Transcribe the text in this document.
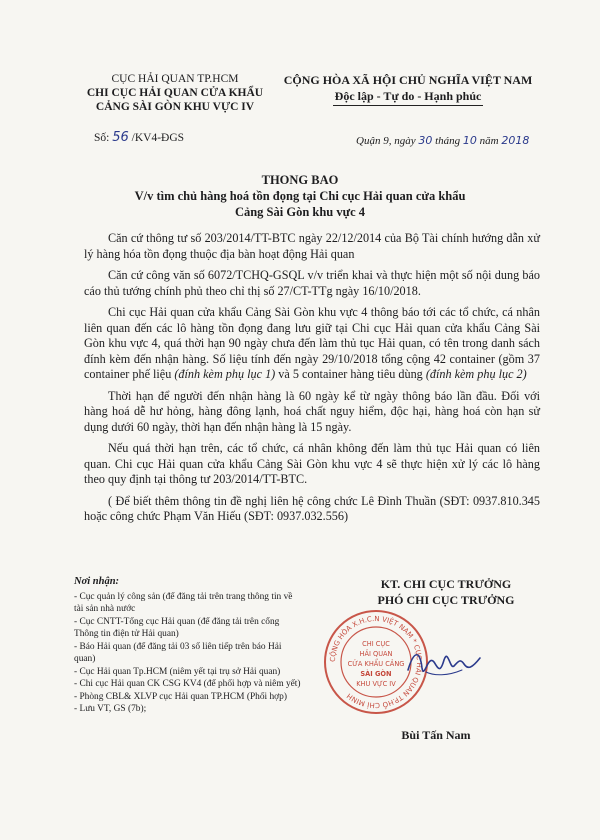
CỤC HẢI QUAN TP.HCM
CHI CỤC HẢI QUAN CỬA KHẨU
CẢNG SÀI GÒN KHU VỰC IV
CỘNG HÒA XÃ HỘI CHỦ NGHĨA VIỆT NAM
Độc lập - Tự do - Hạnh phúc
Số: 56 /KV4-ĐGS	Quận 9, ngày 30 tháng 10 năm 2018
THONG BAO
V/v tìm chủ hàng hoá tồn đọng tại Chi cục Hải quan cửa khẩu
Cảng Sài Gòn khu vực 4

Căn cứ thông tư số 203/2014/TT-BTC ngày 22/12/2014 của Bộ Tài chính hướng dẫn xử lý hàng hóa tồn đọng thuộc địa bàn hoạt động Hải quan

Căn cứ công văn số 6072/TCHQ-GSQL v/v triển khai và thực hiện một số nội dung báo cáo thủ tướng chính phủ theo chỉ thị số 27/CT-TTg ngày 16/10/2018.

Chi cục Hải quan cửa khẩu Cảng Sài Gòn khu vực 4 thông báo tới các tổ chức, cá nhân liên quan đến các lô hàng tồn đọng đang lưu giữ tại Chi cục Hải quan cửa khẩu Cảng Sài Gòn khu vực 4, quá thời hạn 90 ngày chưa đến làm thủ tục Hải quan, có tên trong danh sách đính kèm đến nhận hàng. Số liệu tính đến ngày 29/10/2018 tổng cộng 42 container (gồm 37 container phế liệu (đính kèm phụ lục 1) và 5 container hàng tiêu dùng (đính kèm phụ lục 2)

Thời hạn để người đến nhận hàng là 60 ngày kể từ ngày thông báo lần đầu. Đối với hàng hoá dễ hư hỏng, hàng đông lạnh, hoá chất nguy hiểm, độc hại, hàng hoá còn hạn sử dụng dưới 60 ngày, thời hạn đến nhận hàng là 15 ngày.

Nếu quá thời hạn trên, các tổ chức, cá nhân không đến làm thủ tục Hải quan có liên quan. Chi cục Hải quan cửa khẩu Cảng Sài Gòn khu vực 4 sẽ thực hiện xử lý các lô hàng theo quy định tại thông tư 203/2014/TT-BTC.

( Để biết thêm thông tin đề nghị liên hệ công chức Lê Đình Thuần (SĐT: 0937.810.345 hoặc công chức Phạm Văn Hiếu (SĐT: 0937.032.556)

Nơi nhận:
- Cục quản lý công sản (để đăng tải trên trang thông tin về tài sản nhà nước
- Cục CNTT-Tổng cục Hải quan (để đăng tải trên cổng Thông tin điện tử Hải quan)
- Báo Hải quan (để đăng tải 03 số liên tiếp trên báo Hải quan)
- Cục Hải quan Tp.HCM (niêm yết tại trụ sở Hải quan)
- Chi cục Hải quan CK CSG KV4 (để phối hợp và niêm yết)
- Phòng CBL& XLVP cục Hải quan TP.HCM (Phối hợp)
- Lưu VT, GS (7b);
KT. CHI CỤC TRƯỞNG
PHÓ CHI CỤC TRƯỞNG
CỘNG HÒA X.H.C.N VIỆT NAM * CỤC HẢI QUAN TP.HỒ CHÍ MINH
CHI CỤC
HẢI QUAN
CỬA KHẨU CẢNG
SÀI GÒN
KHU VỰC IV
Bùi Tấn Nam
